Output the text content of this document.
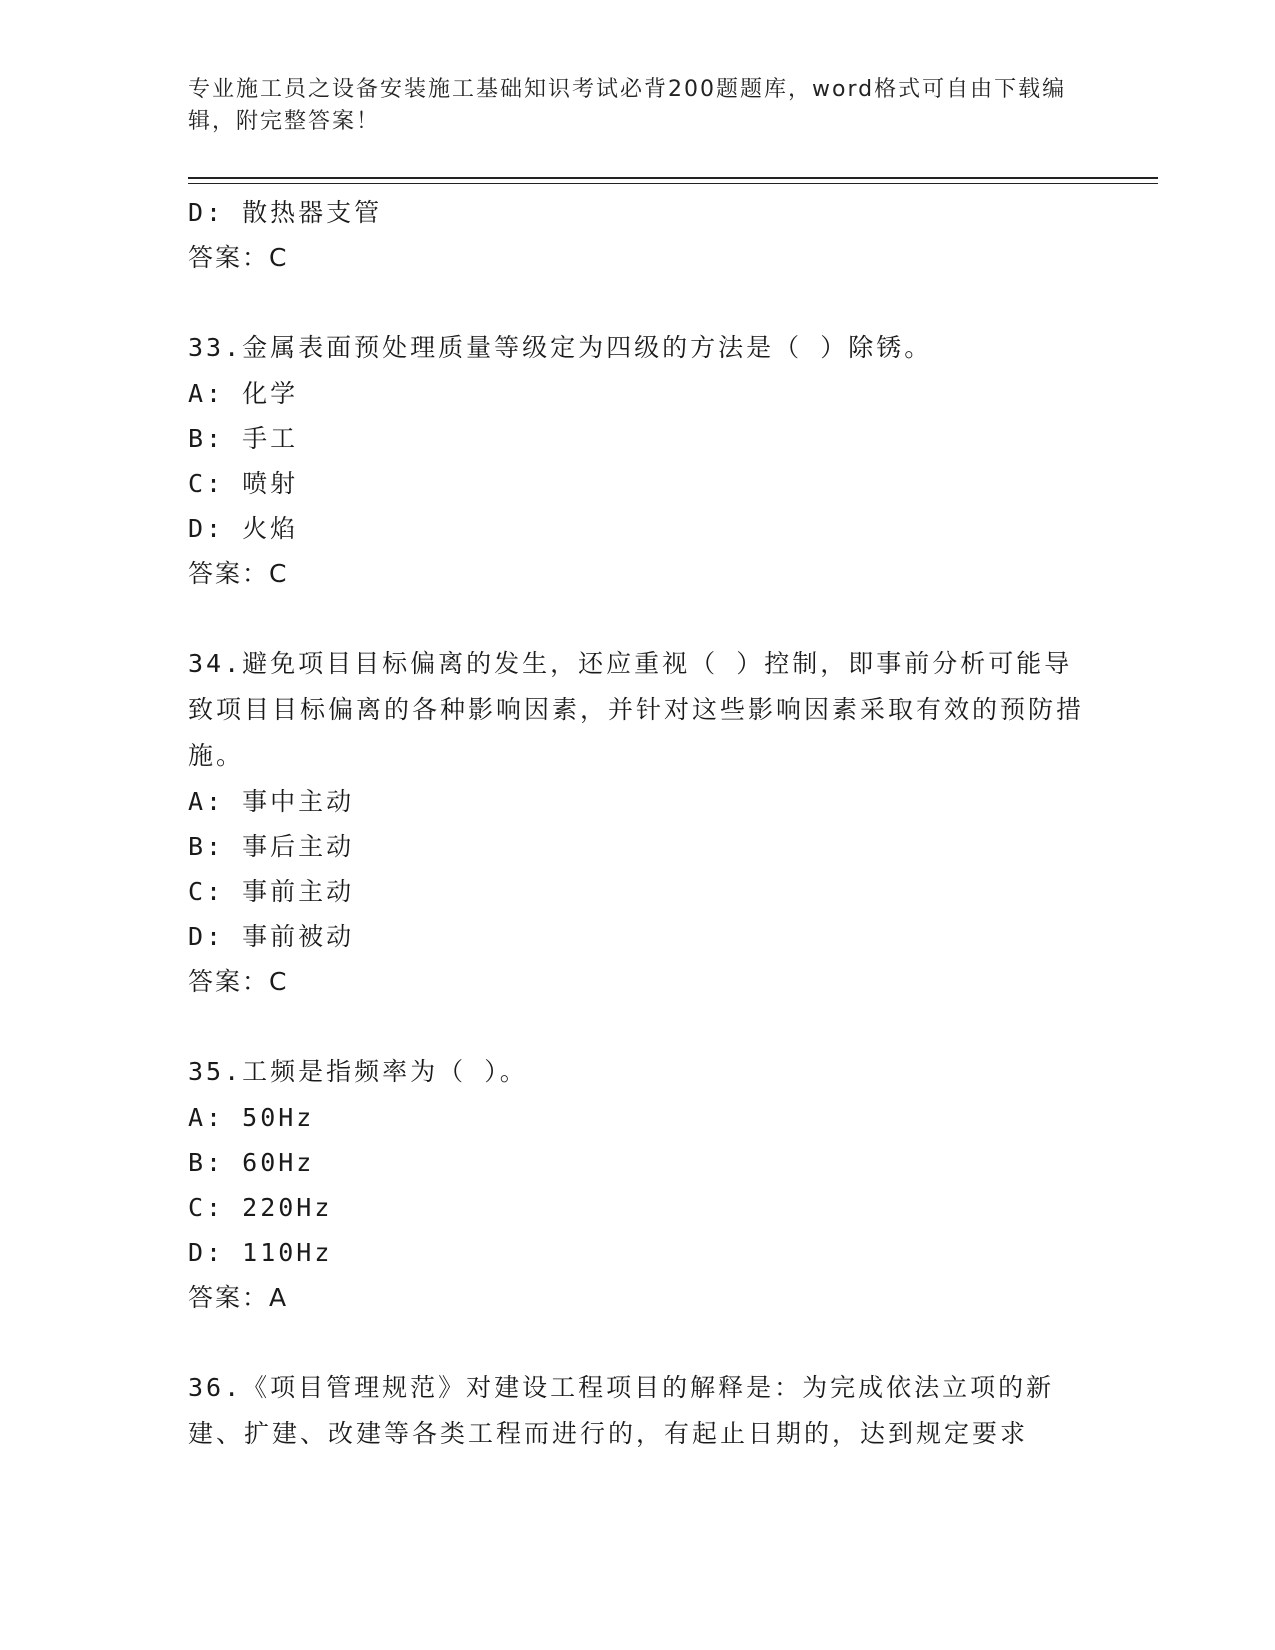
专业施工员之设备安装施工基础知识考试必背200题题库，word格式可自由下载编辑，附完整答案！
D: 散热器支管
答案：C
33.金属表面预处理质量等级定为四级的方法是（ ）除锈。
A: 化学
B: 手工
C: 喷射
D: 火焰
答案：C
34.避免项目目标偏离的发生，还应重视（ ）控制，即事前分析可能导致项目目标偏离的各种影响因素，并针对这些影响因素采取有效的预防措施。
A: 事中主动
B: 事后主动
C: 事前主动
D: 事前被动
答案：C
35.工频是指频率为（ ）。
A: 50Hz
B: 60Hz
C: 220Hz
D: 110Hz
答案：A
36.《项目管理规范》对建设工程项目的解释是：为完成依法立项的新建、扩建、改建等各类工程而进行的，有起止日期的，达到规定要求
